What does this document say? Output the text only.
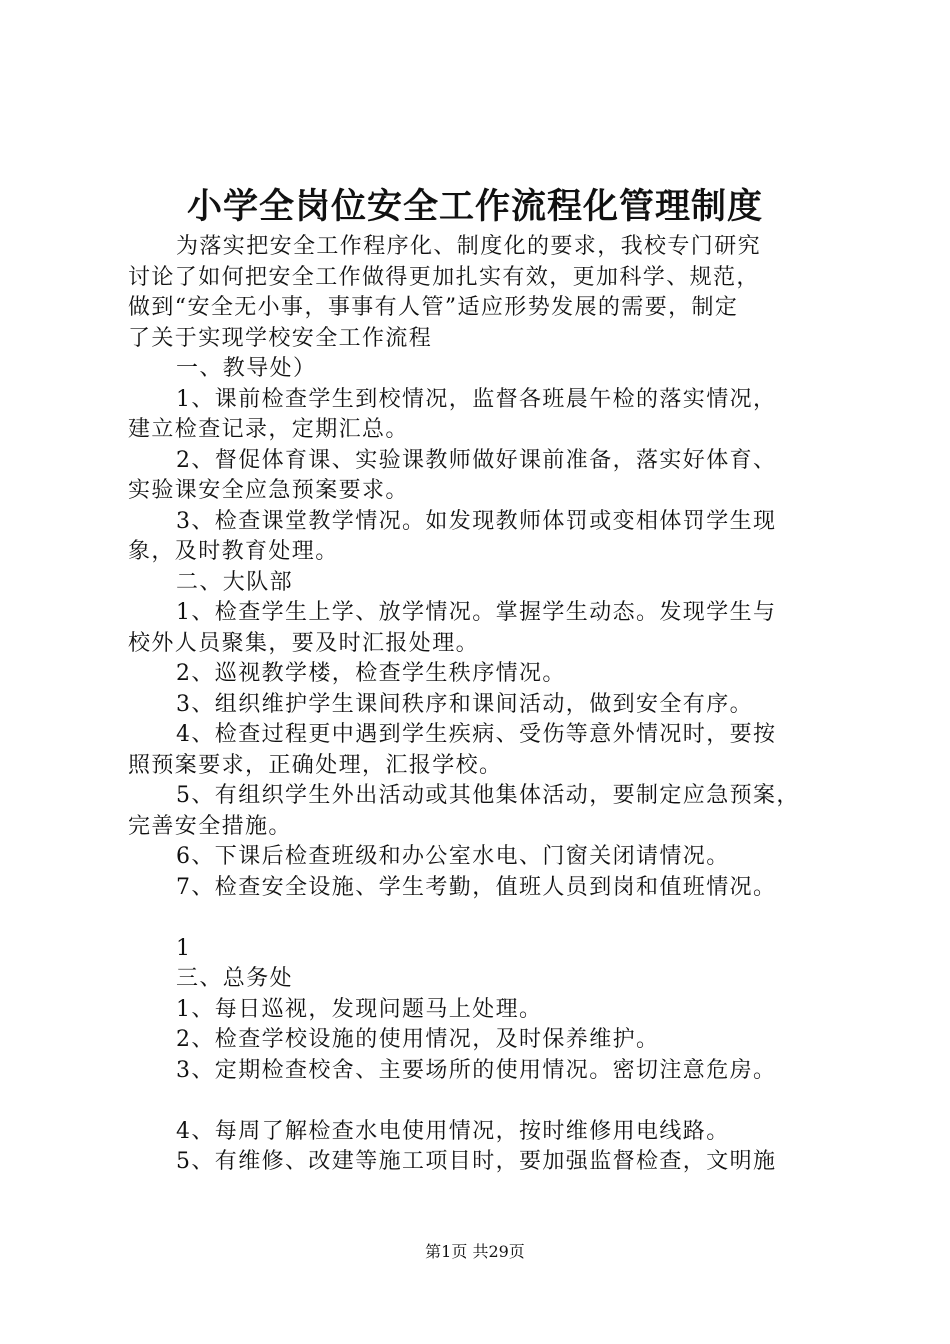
小学全岗位安全工作流程化管理制度
为落实把安全工作程序化、制度化的要求，我校专门研究
讨论了如何把安全工作做得更加扎实有效，更加科学、规范，
做到“安全无小事，事事有人管”适应形势发展的需要，制定
了关于实现学校安全工作流程
一、教导处）
1、课前检查学生到校情况，监督各班晨午检的落实情况，
建立检查记录，定期汇总。
2、督促体育课、实验课教师做好课前准备，落实好体育、
实验课安全应急预案要求。
3、检查课堂教学情况。如发现教师体罚或变相体罚学生现
象，及时教育处理。
二、大队部
1、检查学生上学、放学情况。掌握学生动态。发现学生与
校外人员聚集，要及时汇报处理。
2、巡视教学楼，检查学生秩序情况。
3、组织维护学生课间秩序和课间活动，做到安全有序。
4、检查过程更中遇到学生疾病、受伤等意外情况时，要按
照预案要求，正确处理，汇报学校。
5、有组织学生外出活动或其他集体活动，要制定应急预案，
完善安全措施。
6、下课后检查班级和办公室水电、门窗关闭请情况。
7、检查安全设施、学生考勤，值班人员到岗和值班情况。
1
三、总务处
1、每日巡视，发现问题马上处理。
2、检查学校设施的使用情况，及时保养维护。
3、定期检查校舍、主要场所的使用情况。密切注意危房。
4、每周了解检查水电使用情况，按时维修用电线路。
5、有维修、改建等施工项目时，要加强监督检查，文明施
第1页 共29页
